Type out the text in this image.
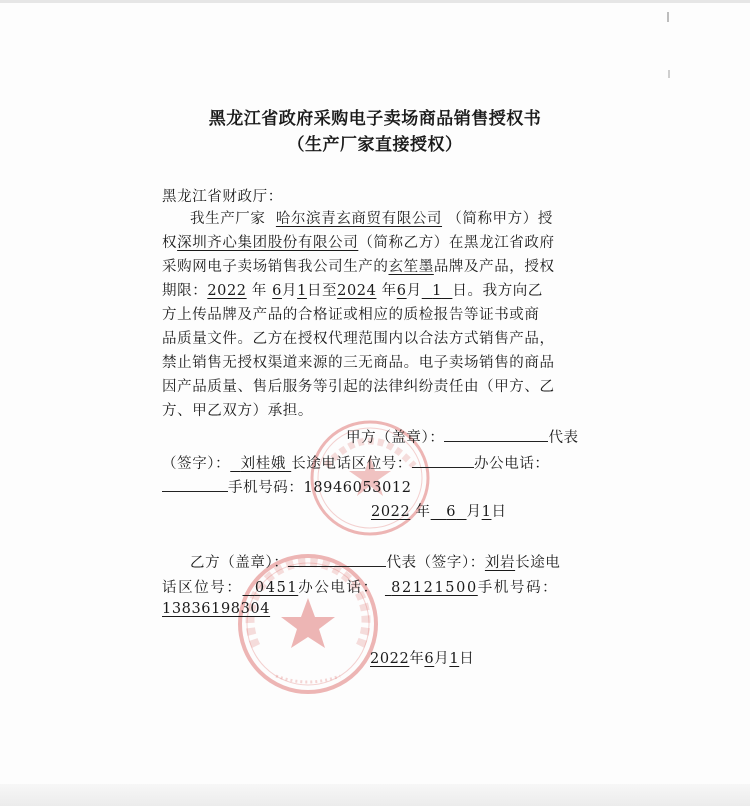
黑龙江省政府采购电子卖场商品销售授权书
（生产厂家直接授权）
黑龙江省财政厅：
我生产厂家 哈尔滨青玄商贸有限公司 （简称甲方）授
权深圳齐心集团股份有限公司（简称乙方）在黑龙江省政府
采购网电子卖场销售我公司生产的玄笙墨品牌及产品，授权
期限：2022 年 6月1日至2024 年6月 1 日。我方向乙
方上传品牌及产品的合格证或相应的质检报告等证书或商
品质量文件。乙方在授权代理范围内以合法方式销售产品，
禁止销售无授权渠道来源的三无商品。电子卖场销售的商品
因产品质量、售后服务等引起的法律纠纷责任由（甲方、乙
方、甲乙双方）承担。
甲方（盖章）：	代表
（签字）： 刘桂娥 长途电话区位号：	办公电话：
手机号码：18946053012
2022 年 6 月1日
乙方（盖章）：	代表（签字）：刘岩长途电
话区位号： 0451办公电话： 82121500手机号码：
13836198304
2022年6月1日
